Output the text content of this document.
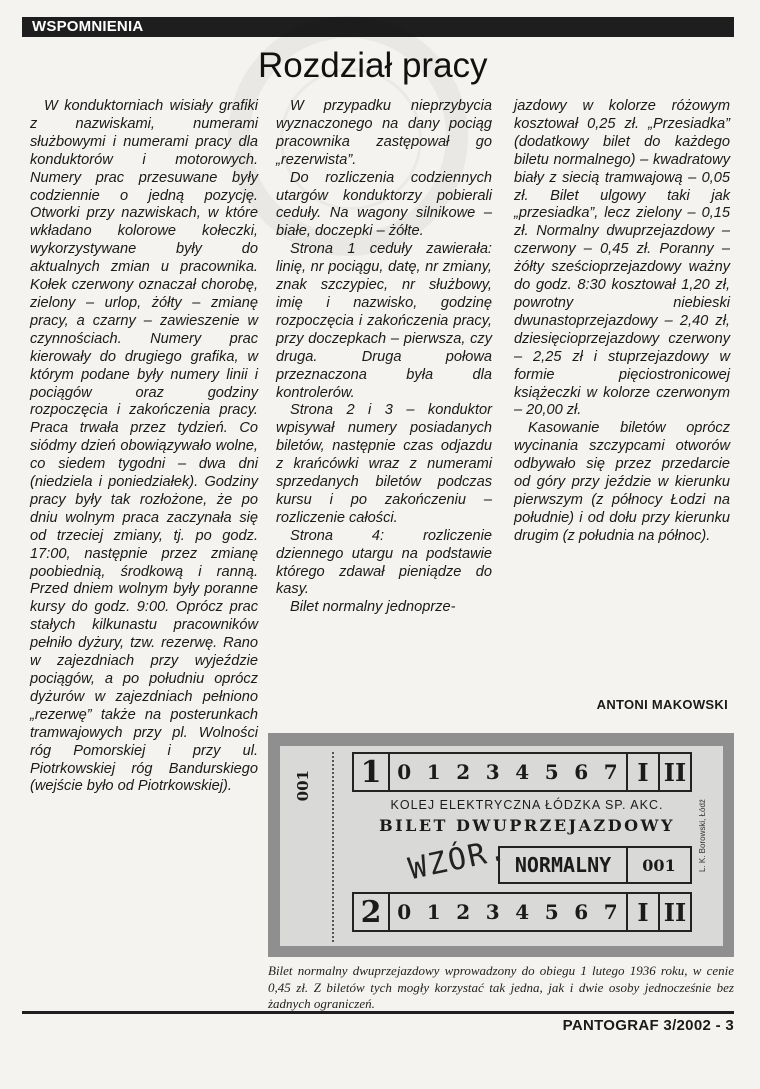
WSPOMNIENIA
Rozdział pracy

W konduktorniach wisiały grafiki z nazwiskami, numerami służbowymi i numerami pracy dla konduktorów i motorowych. Numery prac przesuwane były codziennie o jedną pozycję. Otworki przy nazwiskach, w które wkładano kolorowe kołeczki, wykorzystywane były do aktualnych zmian u pracownika. Kołek czerwony oznaczał chorobę, zielony – urlop, żółty – zmianę pracy, a czarny – zawieszenie w czynnościach. Numery prac kierowały do drugiego grafika, w którym podane były numery linii i pociągów oraz godziny rozpoczęcia i zakończenia pracy. Praca trwała przez tydzień. Co siódmy dzień obowiązywało wolne, co siedem tygodni – dwa dni (niedziela i poniedziałek). Godziny pracy były tak rozłożone, że po dniu wolnym praca zaczynała się od trzeciej zmiany, tj. po godz. 17:00, następnie przez zmianę poobiednią, środkową i ranną. Przed dniem wolnym były poranne kursy do godz. 9:00. Oprócz prac stałych kilkunastu pracowników pełniło dyżury, tzw. rezerwę. Rano w zajezdniach przy wyjeździe pociągów, a po południu oprócz dyżurów w zajezdniach pełniono „rezerwę” także na posterunkach tramwajowych przy pl. Wolności róg Pomorskiej i przy ul. Piotrkowskiej róg Bandurskiego (wejście było od Piotrkowskiej).

W przypadku nieprzybycia wyznaczonego na dany pociąg pracownika zastępował go „rezerwista”.

Do rozliczenia codziennych utargów konduktorzy pobierali ceduły. Na wagony silnikowe – białe, doczepki – żółte.

Strona 1 ceduły zawierała: linię, nr pociągu, datę, nr zmiany, znak szczypiec, nr służbowy, imię i nazwisko, godzinę rozpoczęcia i zakończenia pracy, przy doczepkach – pierwsza, czy druga. Druga połowa przeznaczona była dla kontrolerów.

Strona 2 i 3 – konduktor wpisywał numery posiadanych biletów, następnie czas odjazdu z krańcówki wraz z numerami sprzedanych biletów podczas kursu i po zakończeniu – rozliczenie całości.

Strona 4: rozliczenie dziennego utargu na podstawie którego zdawał pieniądze do kasy.

Bilet normalny jednoprze-

jazdowy w kolorze różowym kosztował 0,25 zł. „Przesiadka” (dodatkowy bilet do każdego biletu normalnego) – kwadratowy biały z siecią tramwajową – 0,05 zł. Bilet ulgowy taki jak „przesiadka”, lecz zielony – 0,15 zł. Normalny dwuprzejazdowy – czerwony – 0,45 zł. Poranny – żółty sześcioprzejazdowy ważny do godz. 8:30 kosztował 1,20 zł, powrotny niebieski dwunastoprzejazdowy – 2,40 zł, dziesięcioprzejazdowy czerwony – 2,25 zł i stuprzejazdowy w formie pięciostronicowej książeczki w kolorze czerwonym – 20,00 zł.

Kasowanie biletów oprócz wycinania szczypcami otworów odbywało się przez przedarcie od góry przy jeździe w kierunku pierwszym (z północy Łodzi na południe) i od dołu przy kierunku drugim (z południa na północ).

ANTONI MAKOWSKI
001 1 0 1 2 3 4 5 6 7 I II
KOLEJ ELEKTRYCZNA ŁÓDZKA SP. AKC.
BILET DWUPRZEJAZDOWY
WZÓR. NORMALNY	001	L. K. Borowski, Łódź
2 0 1 2 3 4 5 6 7 I II
Bilet normalny dwuprzejazdowy wprowadzony do obiegu 1 lutego 1936 roku, w cenie 0,45 zł. Z biletów tych mogły korzystać tak jedna, jak i dwie osoby jednocześnie bez żadnych ograniczeń.
PANTOGRAF 3/2002 - 3
